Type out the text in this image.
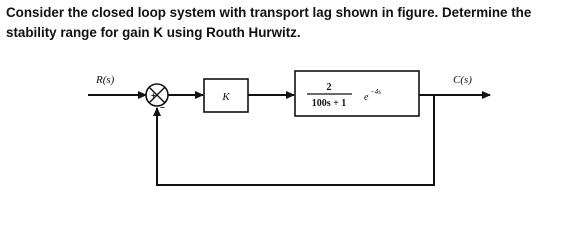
Consider the closed loop system with transport lag shown in figure. Determine the
stability range for gain K using Routh Hurwitz.
R(s)
+
−
K
2
100s + 1
e −4s
C(s)
